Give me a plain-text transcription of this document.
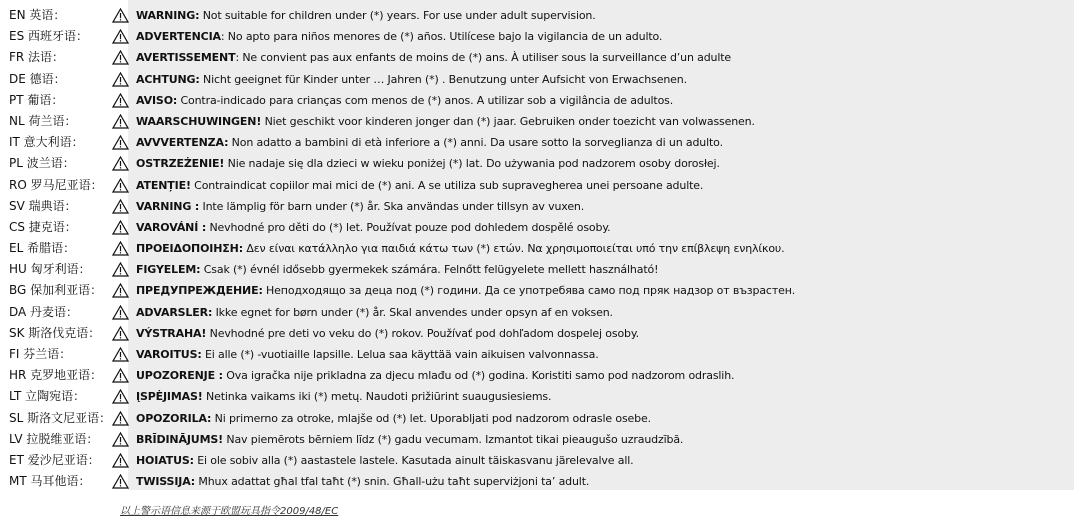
EN 英语：	WARNING: Not suitable for children under (*) years. For use under adult supervision.
ES 西班牙语：	ADVERTENCIA: No apto para niños menores de (*) años. Utilícese bajo la vigilancia de un adulto.
FR 法语：	AVERTISSEMENT: Ne convient pas aux enfants de moins de (*) ans. À utiliser sous la surveillance d’un adulte
DE 德语：	ACHTUNG: Nicht geeignet für Kinder unter … Jahren (*) . Benutzung unter Aufsicht von Erwachsenen.
PT 葡语：	AVISO: Contra-indicado para crianças com menos de (*) anos. A utilizar sob a vigilância de adultos.
NL 荷兰语：	WAARSCHUWINGEN! Niet geschikt voor kinderen jonger dan (*) jaar. Gebruiken onder toezicht van volwassenen.
IT 意大利语：	AVVVERTENZA: Non adatto a bambini di età inferiore a (*) anni. Da usare sotto la sorveglianza di un adulto.
PL 波兰语：	OSTRZEŻENIE! Nie nadaje się dla dzieci w wieku poniżej (*) lat. Do używania pod nadzorem osoby dorosłej.
RO 罗马尼亚语：	ATENȚIE! Contraindicat copiilor mai mici de (*) ani. A se utiliza sub supravegherea unei persoane adulte.
SV 瑞典语：	VARNING : Inte lämplig för barn under (*) år. Ska användas under tillsyn av vuxen.
CS 捷克语：	VAROVÁNÍ : Nevhodné pro děti do (*) let. Používat pouze pod dohledem dospělé osoby.
EL 希腊语：	ΠΡΟΕΙΔΟΠΟΙΗΣΗ: Δεν είναι κατάλληλο για παιδιά κάτω των (*) ετών. Να χρησιμοποιείται υπό την επίβλεψη ενηλίκου.
HU 匈牙利语：	FIGYELEM: Csak (*) évnél idősebb gyermekek számára. Felnőtt felügyelete mellett használható!
BG 保加利亚语：	ПРЕДУПРЕЖДЕНИЕ: Неподходящо за деца под (*) години. Да се употребява само под пряк надзор от възрастен.
DA 丹麦语：	ADVARSLER: Ikke egnet for børn under (*) år. Skal anvendes under opsyn af en voksen.
SK 斯洛伐克语：	VÝSTRAHA! Nevhodné pre deti vo veku do (*) rokov. Používať pod dohľadom dospelej osoby.
FI 芬兰语：	VAROITUS: Ei alle (*) -vuotiaille lapsille. Lelua saa käyttää vain aikuisen valvonnassa.
HR 克罗地亚语：	UPOZORENJE : Ova igračka nije prikladna za djecu mlađu od (*) godina. Koristiti samo pod nadzorom odraslih.
LT 立陶宛语：	ĮSPĖJIMAS! Netinka vaikams iki (*) metų. Naudoti prižiūrint suaugusiesiems.
SL 斯洛文尼亚语： OPOZORILA: Ni primerno za otroke, mlajše od (*) let. Uporabljati pod nadzorom odrasle osebe.
LV 拉脱维亚语：	BRĪDINĀJUMS! Nav piemērots bērniem līdz (*) gadu vecumam. Izmantot tikai pieaugušo uzraudzībā.
ET 爱沙尼亚语：	HOIATUS: Ei ole sobiv alla (*) aastastele lastele. Kasutada ainult täiskasvanu järelevalve all.
MT 马耳他语：	TWISSIJA: Mhux adattat għal tfal taħt (*) snin. Għall-użu taħt superviżjoni ta’ adult.
以上警示语信息来源于欧盟玩具指令2009/48/EC
